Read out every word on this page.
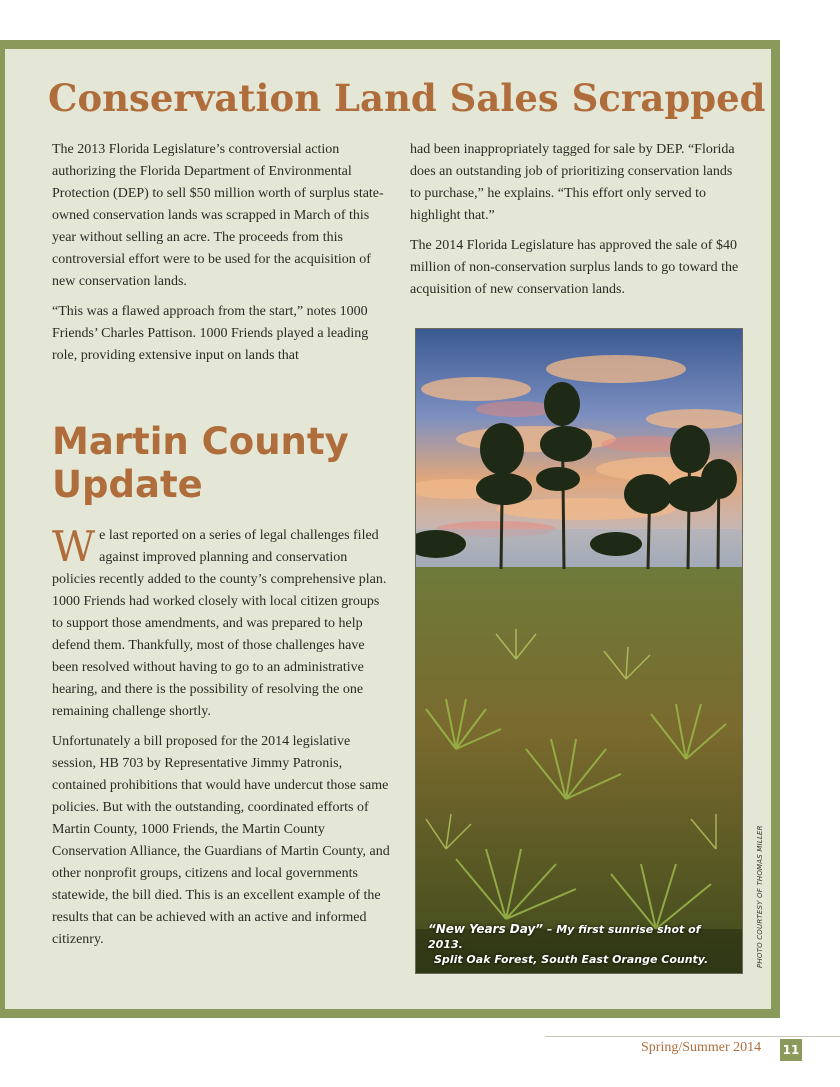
Conservation Land Sales Scrapped

The 2013 Florida Legislature’s controversial action authorizing the Florida Department of Environmental Protection (DEP) to sell $50 million worth of surplus state-owned conservation lands was scrapped in March of this year without selling an acre. The proceeds from this controversial effort were to be used for the acquisition of new conservation lands.

“This was a flawed approach from the start,” notes 1000 Friends’ Charles Pattison. 1000 Friends played a leading role, providing extensive input on lands that

had been inappropriately tagged for sale by DEP. “Florida does an outstanding job of prioritizing conservation lands to purchase,” he explains. “This effort only served to highlight that.”

The 2014 Florida Legislature has approved the sale of $40 million of non-conservation surplus lands to go toward the acquisition of new conservation lands.

Martin County Update

We last reported on a series of legal challenges filed against improved planning and conservation policies recently added to the county’s comprehensive plan. 1000 Friends had worked closely with local citizen groups to support those amendments, and was prepared to help defend them. Thankfully, most of those challenges have been resolved without having to go to an administrative hearing, and there is the possibility of resolving the one remaining challenge shortly.

Unfortunately a bill proposed for the 2014 legislative session, HB 703 by Representative Jimmy Patronis, contained prohibitions that would have undercut those same policies. But with the outstanding, coordinated efforts of Martin County, 1000 Friends, the Martin County Conservation Alliance, the Guardians of Martin County, and other nonprofit groups, citizens and local governments statewide, the bill died. This is an excellent example of the results that can be achieved with an active and informed citizenry.

“New Years Day” – My first sunrise shot of 2013.
Split Oak Forest, South East Orange County.	PHOTO COURTESY OF THOMAS MILLER
Spring/Summer 2014 11
